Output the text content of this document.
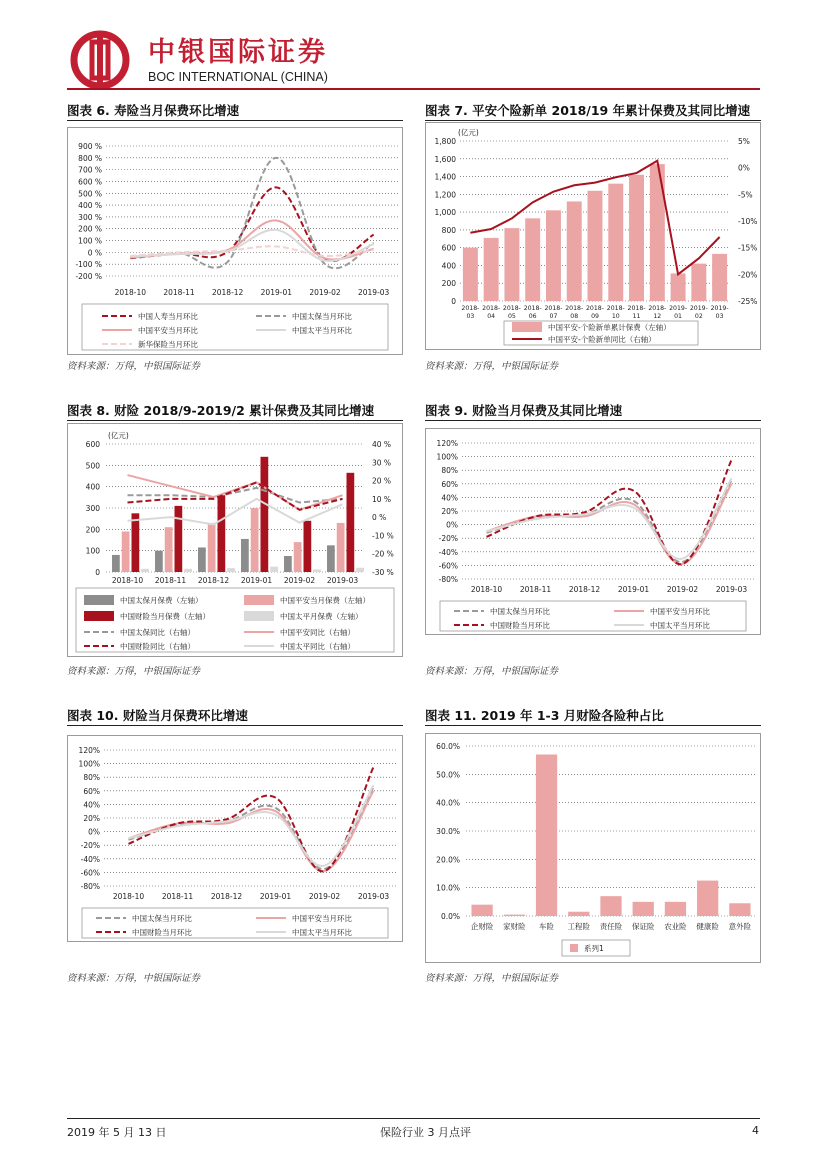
中银国际证券
BOC INTERNATIONAL (CHINA)
图表 6. 寿险当月保费环比增速
900 %
800 %
700 %
600 %
500 %
400 %
300 %
200 %
100 %
0 %
-100 %
-200 %
2018-10 2018-11 2018-12 2019-01 2019-02 2019-03
中国人寿当月环比	中国太保当月环比
中国平安当月环比	中国太平当月环比
新华保险当月环比
资料来源：万得，中银国际证券
图表 7. 平安个险新单 2018/19 年累计保费及其同比增速
1,800
1,600
1,400
1,200
1,000
800
600
400
200
0
5%
0%
-5%
-10%
-15%
-20%
-25%
(亿元)
2018-
03
2018-
04
2018-
05
2018-
06
2018-
07
2018-
08
2018-
09
2018-
10
2018-
11
2018-
12
2019-
01
2019-
02
2019-
03
中国平安-个险新单累计保费（左轴）
中国平安-个险新单同比（右轴）
资料来源：万得，中银国际证券
图表 8. 财险 2018/9-2019/2 累计保费及其同比增速
600
500
400
300
200
100
0
40 %
30 %
20 %
10 %
0 %
-10 %
-20 %
-30 %
(亿元)
2018-10 2018-11 2018-12 2019-01 2019-02 2019-03
中国太保月保费（左轴）	中国平安当月保费（左轴）
中国财险当月保费（左轴）	中国太平月保费（左轴）
中国太保同比（右轴）	中国平安同比（右轴）
中国财险同比（右轴）	中国太平同比（右轴）
资料来源：万得，中银国际证券
图表 9. 财险当月保费及其同比增速
120%
100%
80%
60%
40%
20%
0%
-20%
-40%
-60%
-80%
2018-10 2018-11 2018-12 2019-01 2019-02 2019-03
中国太保当月环比	中国平安当月环比
中国财险当月环比	中国太平当月环比
资料来源：万得，中银国际证券
图表 10. 财险当月保费环比增速
120%
100%
80%
60%
40%
20%
0%
-20%
-40%
-60%
-80%
2018-10 2018-11 2018-12 2019-01 2019-02 2019-03
中国太保当月环比	中国平安当月环比
中国财险当月环比	中国太平当月环比
资料来源：万得，中银国际证券
图表 11. 2019 年 1-3 月财险各险种占比
60.0%
50.0%
40.0%
30.0%
20.0%
10.0%
0.0%
企财险 家财险 车险 工程险 责任险 保证险 农业险 健康险 意外险
系列1
资料来源：万得，中银国际证券
2019 年 5 月 13 日	保险行业 3 月点评	4
